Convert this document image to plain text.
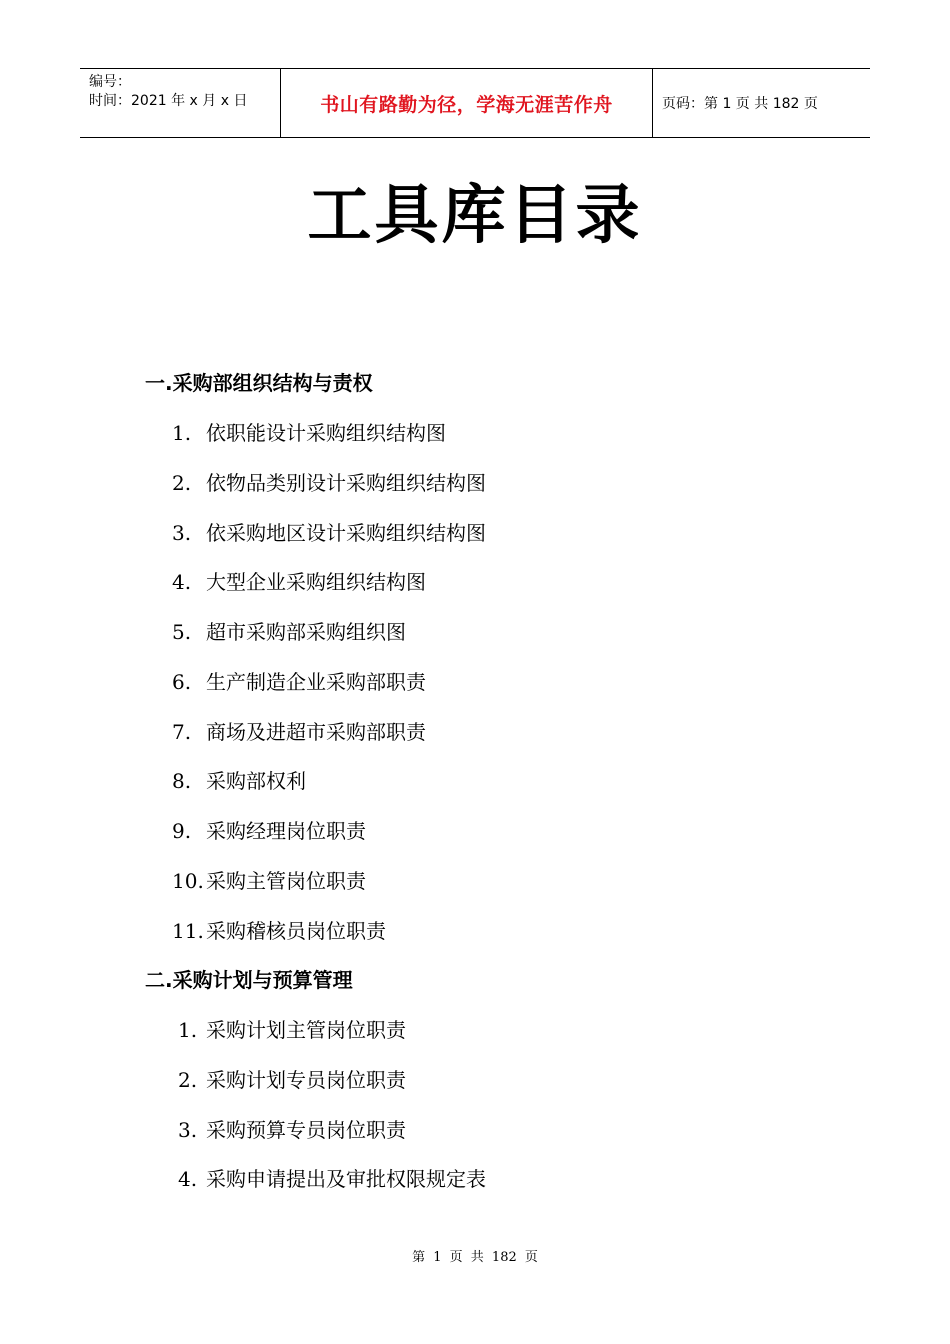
编号：
时间：2021 年 x 月 x 日	书山有路勤为径，学海无涯苦作舟	页码：第 1 页 共 182 页
工具库目录
一.采购部组织结构与责权
1. 依职能设计采购组织结构图
2. 依物品类别设计采购组织结构图
3. 依采购地区设计采购组织结构图
4. 大型企业采购组织结构图
5. 超市采购部采购组织图
6. 生产制造企业采购部职责
7. 商场及进超市采购部职责
8. 采购部权利
9. 采购经理岗位职责
10. 采购主管岗位职责
11. 采购稽核员岗位职责
二.采购计划与预算管理
1. 采购计划主管岗位职责
2. 采购计划专员岗位职责
3. 采购预算专员岗位职责
4. 采购申请提出及审批权限规定表
第 1 页 共 182 页
